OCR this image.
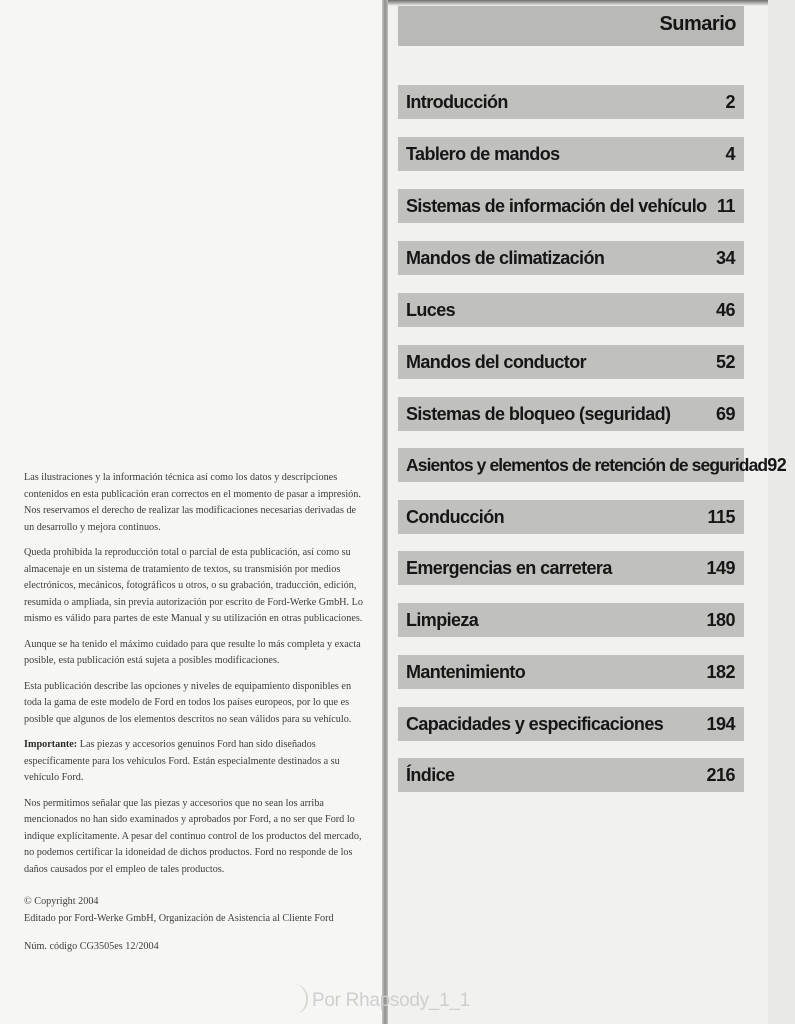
Las ilustraciones y la información técnica así como los datos y descripciones contenidos en esta publicación eran correctos en el momento de pasar a impresión. Nos reservamos el derecho de realizar las modificaciones necesarias derivadas de un desarrollo y mejora continuos.

Queda prohibida la reproducción total o parcial de esta publicación, así como su almacenaje en un sistema de tratamiento de textos, su transmisión por medios electrónicos, mecánicos, fotográficos u otros, o su grabación, traducción, edición, resumida o ampliada, sin previa autorización por escrito de Ford-Werke GmbH. Lo mismo es válido para partes de este Manual y su utilización en otras publicaciones.

Aunque se ha tenido el máximo cuidado para que resulte lo más completa y exacta posible, esta publicación está sujeta a posibles modificaciones.

Esta publicación describe las opciones y niveles de equipamiento disponibles en toda la gama de este modelo de Ford en todos los países europeos, por lo que es posible que algunos de los elementos descritos no sean válidos para su vehículo.

Importante: Las piezas y accesorios genuinos Ford han sido diseñados específicamente para los vehículos Ford. Están especialmente destinados a su vehículo Ford.

Nos permitimos señalar que las piezas y accesorios que no sean los arriba mencionados no han sido examinados y aprobados por Ford, a no ser que Ford lo indique explícitamente. A pesar del continuo control de los productos del mercado, no podemos certificar la idoneidad de dichos productos. Ford no responde de los daños causados por el empleo de tales productos.

© Copyright 2004
Editado por Ford-Werke GmbH, Organización de Asistencia al Cliente Ford
Núm. código CG3505es 12/2004
Sumario
Introducción	2
Tablero de mandos	4
Sistemas de información del vehículo 11
Mandos de climatización	34
Luces	46
Mandos del conductor	52
Sistemas de bloqueo (seguridad)	69
Asientos y elementos de retención de seguridad 92
Conducción	115
Emergencias en carretera	149
Limpieza	180
Mantenimiento	182
Capacidades y especificaciones 194
Índice	216
Por Rhapsody_1_1
